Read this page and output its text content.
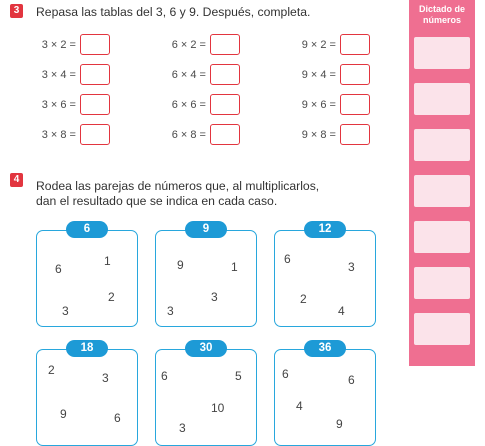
3	Repasa las tablas del 3, 6 y 9. Después, completa.
3 × 2 =	6 × 2 =	9 × 2 =
3 × 4 =	6 × 4 =	9 × 4 =
3 × 6 =	6 × 6 =	9 × 6 =
3 × 8 =	6 × 8 =	9 × 8 =
4	Rodea las parejas de números que, al multiplicarlos,
dan el resultado que se indica en cada caso.
6
6
1
2
3
9
9	1
3
3
12
6
3
2
4
18
2
3
9	6
30
6	5
10
3
36
6	6
4
9
Dictado de
números
